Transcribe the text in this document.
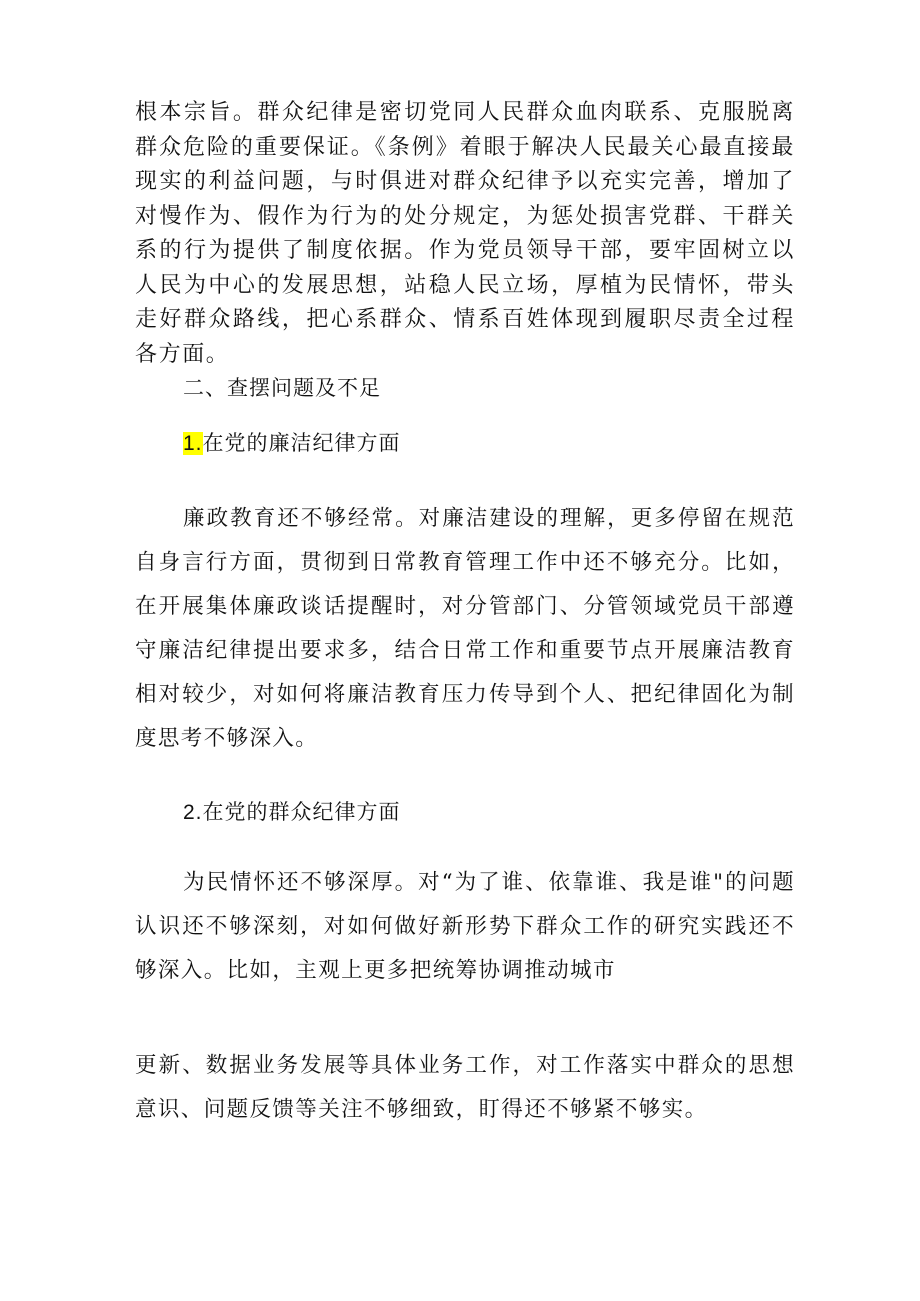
根本宗旨。群众纪律是密切党同人民群众血肉联系、克服脱离群众危险的重要保证。《条例》着眼于解决人民最关心最直接最现实的利益问题，与时俱进对群众纪律予以充实完善，增加了对慢作为、假作为行为的处分规定，为惩处损害党群、干群关系的行为提供了制度依据。作为党员领导干部，要牢固树立以人民为中心的发展思想，站稳人民立场，厚植为民情怀，带头走好群众路线，把心系群众、情系百姓体现到履职尽责全过程各方面。

二、查摆问题及不足

1.在党的廉洁纪律方面

廉政教育还不够经常。对廉洁建设的理解，更多停留在规范自身言行方面，贯彻到日常教育管理工作中还不够充分。比如，在开展集体廉政谈话提醒时，对分管部门、分管领域党员干部遵守廉洁纪律提出要求多，结合日常工作和重要节点开展廉洁教育相对较少，对如何将廉洁教育压力传导到个人、把纪律固化为制度思考不够深入。

2.在党的群众纪律方面

为民情怀还不够深厚。对“为了谁、依靠谁、我是谁"的问题认识还不够深刻，对如何做好新形势下群众工作的研究实践还不够深入。比如，主观上更多把统筹协调推动城市

更新、数据业务发展等具体业务工作，对工作落实中群众的思想意识、问题反馈等关注不够细致，盯得还不够紧不够实。
